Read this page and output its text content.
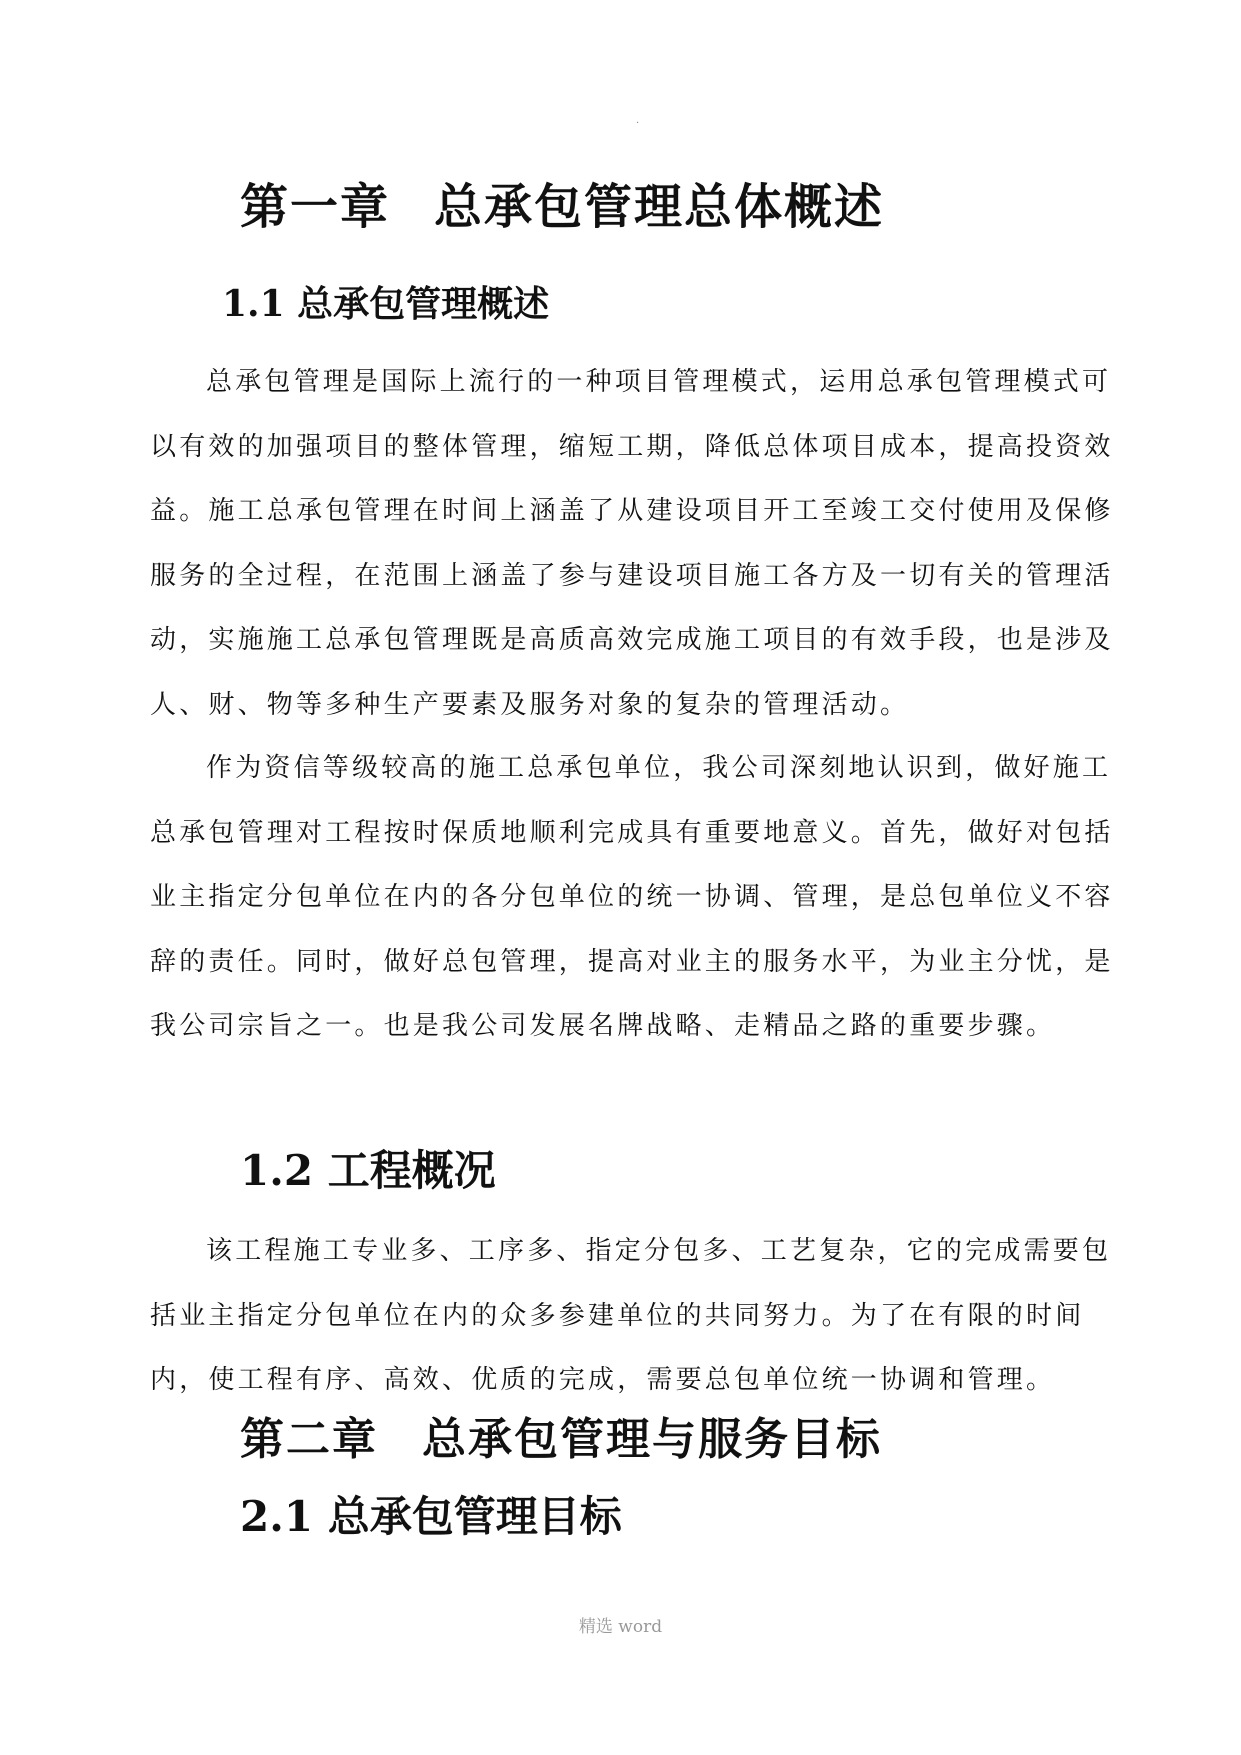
·
第一章 总承包管理总体概述
1.1 总承包管理概述

总承包管理是国际上流行的一种项目管理模式，运用总承包管理模式可以有效的加强项目的整体管理，缩短工期，降低总体项目成本，提高投资效益。施工总承包管理在时间上涵盖了从建设项目开工至竣工交付使用及保修服务的全过程，在范围上涵盖了参与建设项目施工各方及一切有关的管理活动，实施施工总承包管理既是高质高效完成施工项目的有效手段，也是涉及人、财、物等多种生产要素及服务对象的复杂的管理活动。

作为资信等级较高的施工总承包单位，我公司深刻地认识到，做好施工总承包管理对工程按时保质地顺利完成具有重要地意义。首先，做好对包括业主指定分包单位在内的各分包单位的统一协调、管理，是总包单位义不容辞的责任。同时，做好总包管理，提高对业主的服务水平，为业主分忧，是我公司宗旨之一。也是我公司发展名牌战略、走精品之路的重要步骤。

1.2 工程概况

该工程施工专业多、工序多、指定分包多、工艺复杂，它的完成需要包括业主指定分包单位在内的众多参建单位的共同努力。为了在有限的时间内，使工程有序、高效、优质的完成，需要总包单位统一协调和管理。

第二章 总承包管理与服务目标
2.1 总承包管理目标
精选 word
